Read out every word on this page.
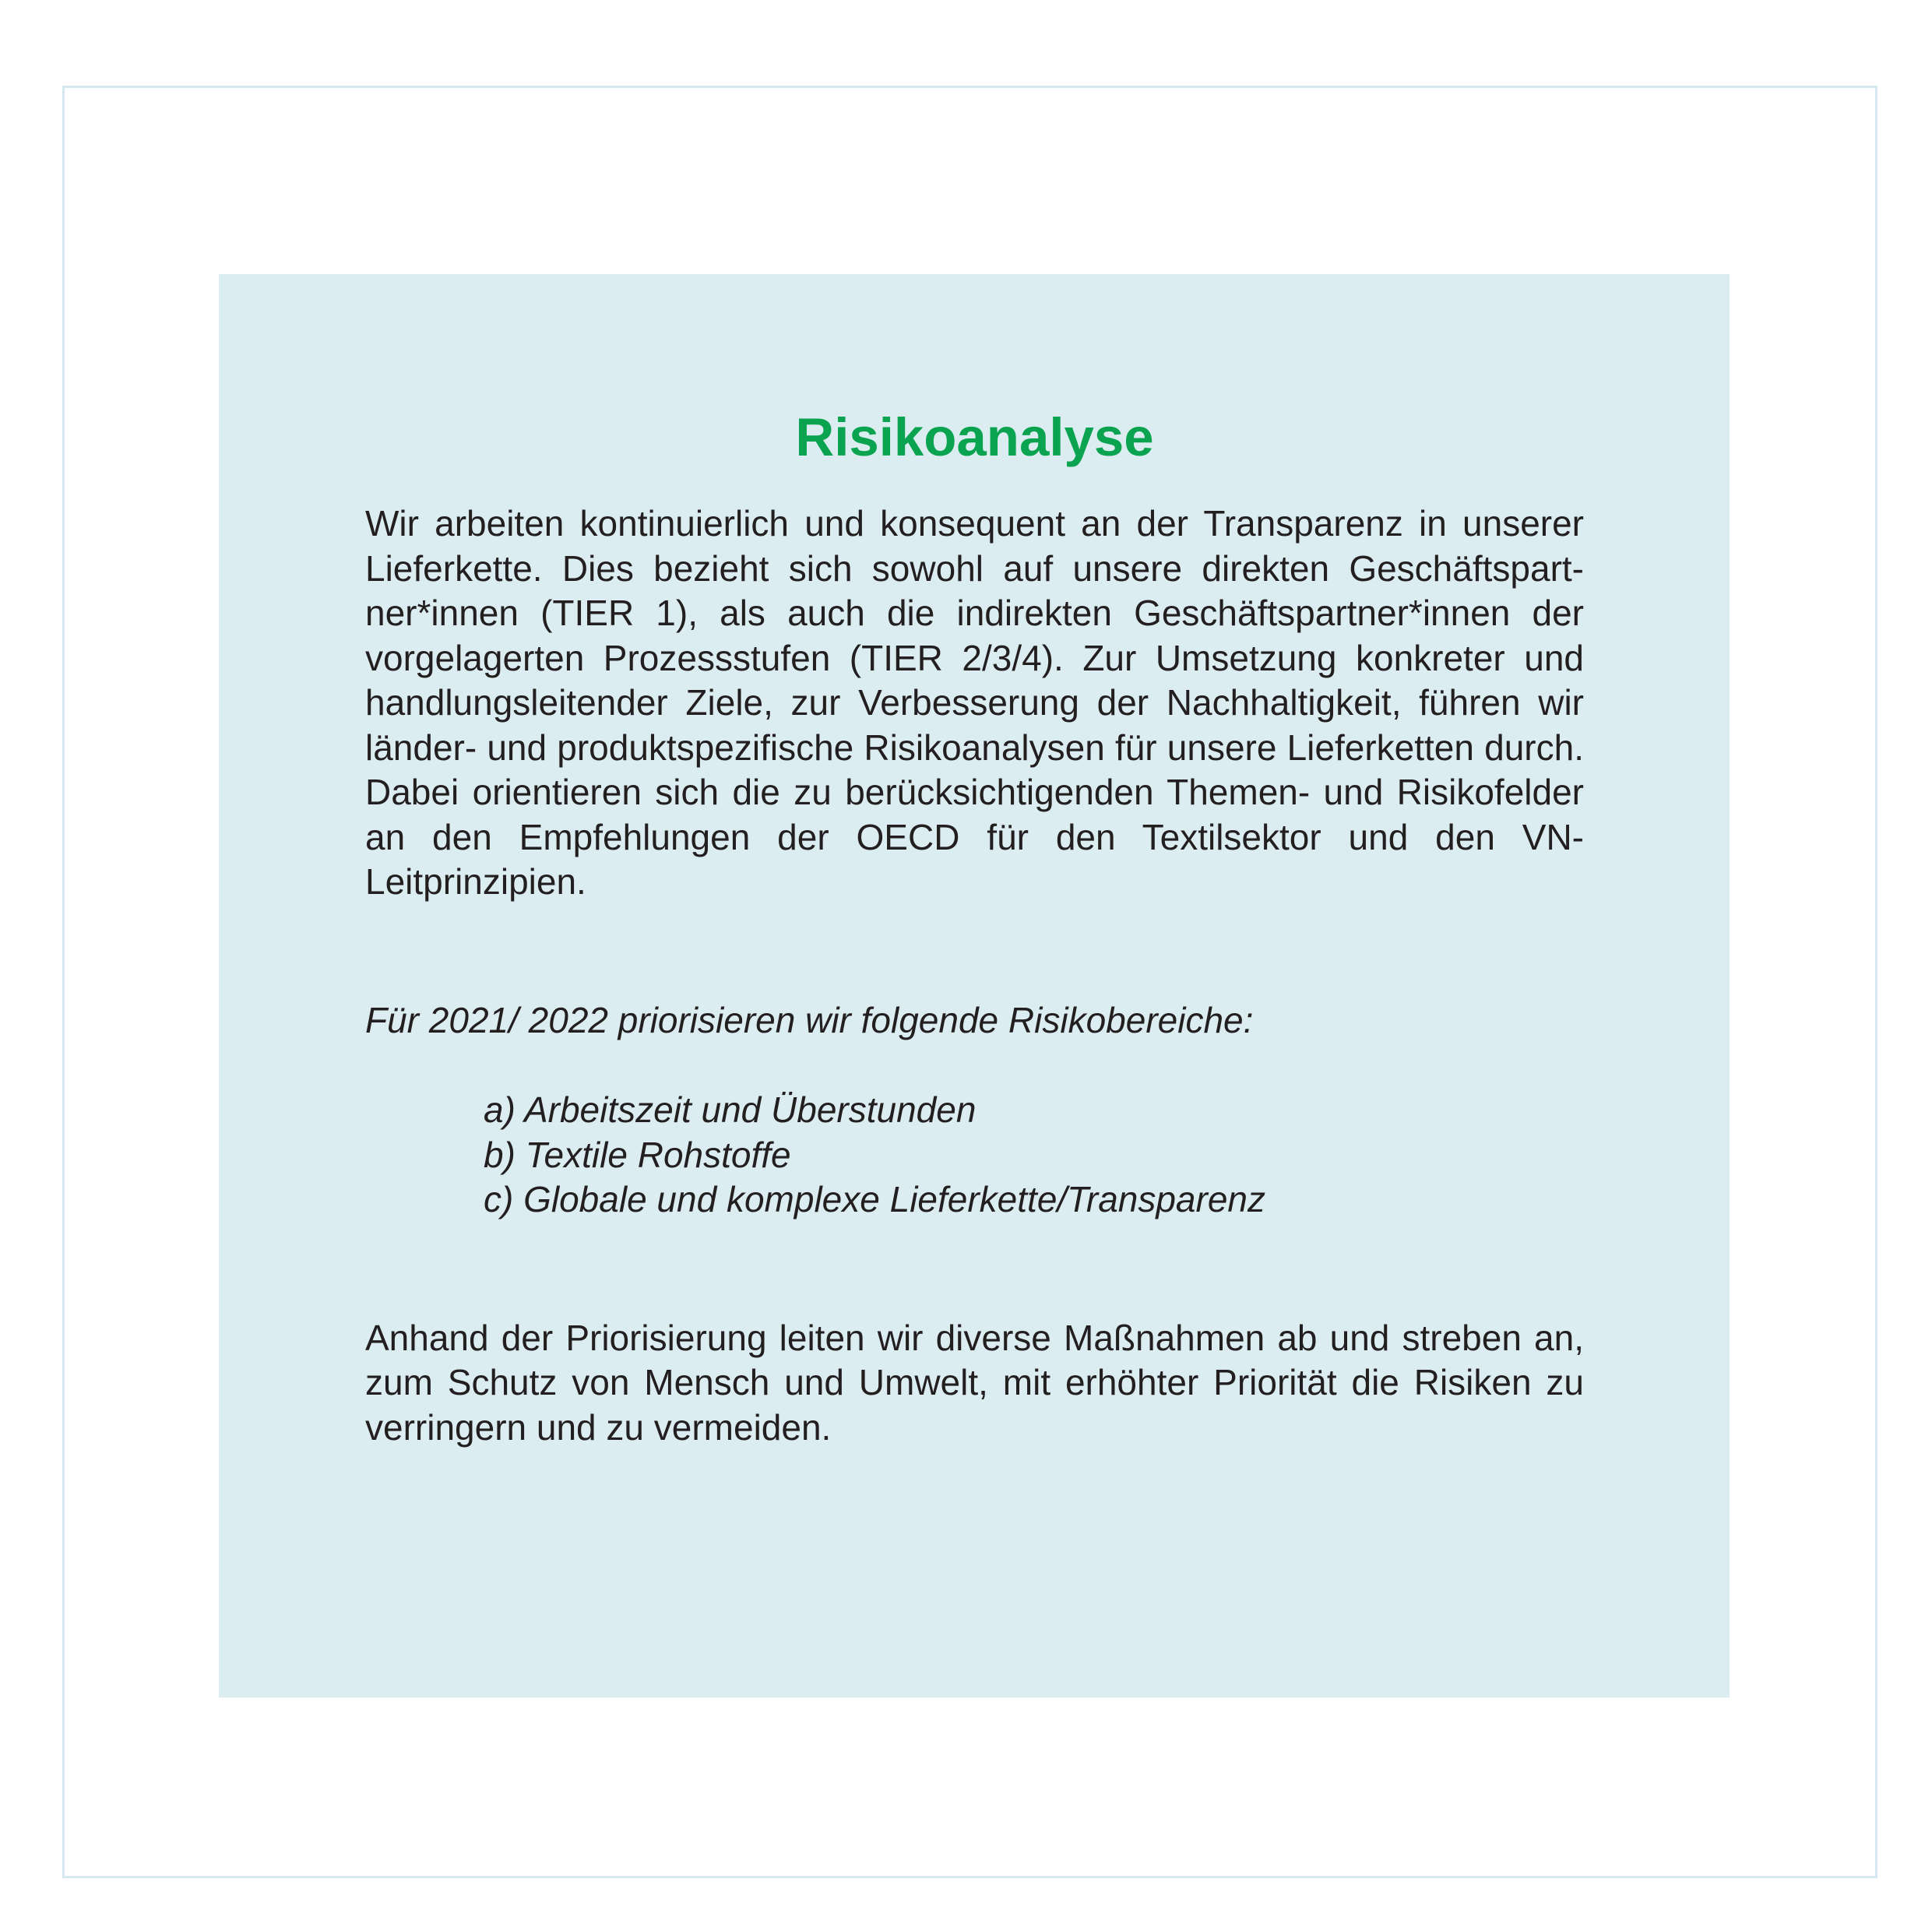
Risikoanalyse

Wir arbeiten kontinuierlich und konsequent an der Transparenz in unserer Lieferkette. Dies bezieht sich sowohl auf unsere direkten Geschäftspartner*innen (TIER 1), als auch die indirekten Geschäftspartner*innen der vorgelagerten Prozessstufen (TIER 2/3/4). Zur Umsetzung konkreter und handlungsleitender Ziele, zur Verbesserung der Nachhaltigkeit, führen wir länder- und produktspezifische Risikoanalysen für unsere Lieferketten durch. Dabei orientieren sich die zu berücksichtigenden Themen- und Risikofelder an den Empfehlungen der OECD für den Textilsektor und den VN-Leitprinzipien.

Für 2021/ 2022 priorisieren wir folgende Risikobereiche:

a) Arbeitszeit und Überstunden
b) Textile Rohstoffe
c) Globale und komplexe Lieferkette/Transparenz

Anhand der Priorisierung leiten wir diverse Maßnahmen ab und streben an, zum Schutz von Mensch und Umwelt, mit erhöhter Priorität die Risiken zu verringern und zu vermeiden.
